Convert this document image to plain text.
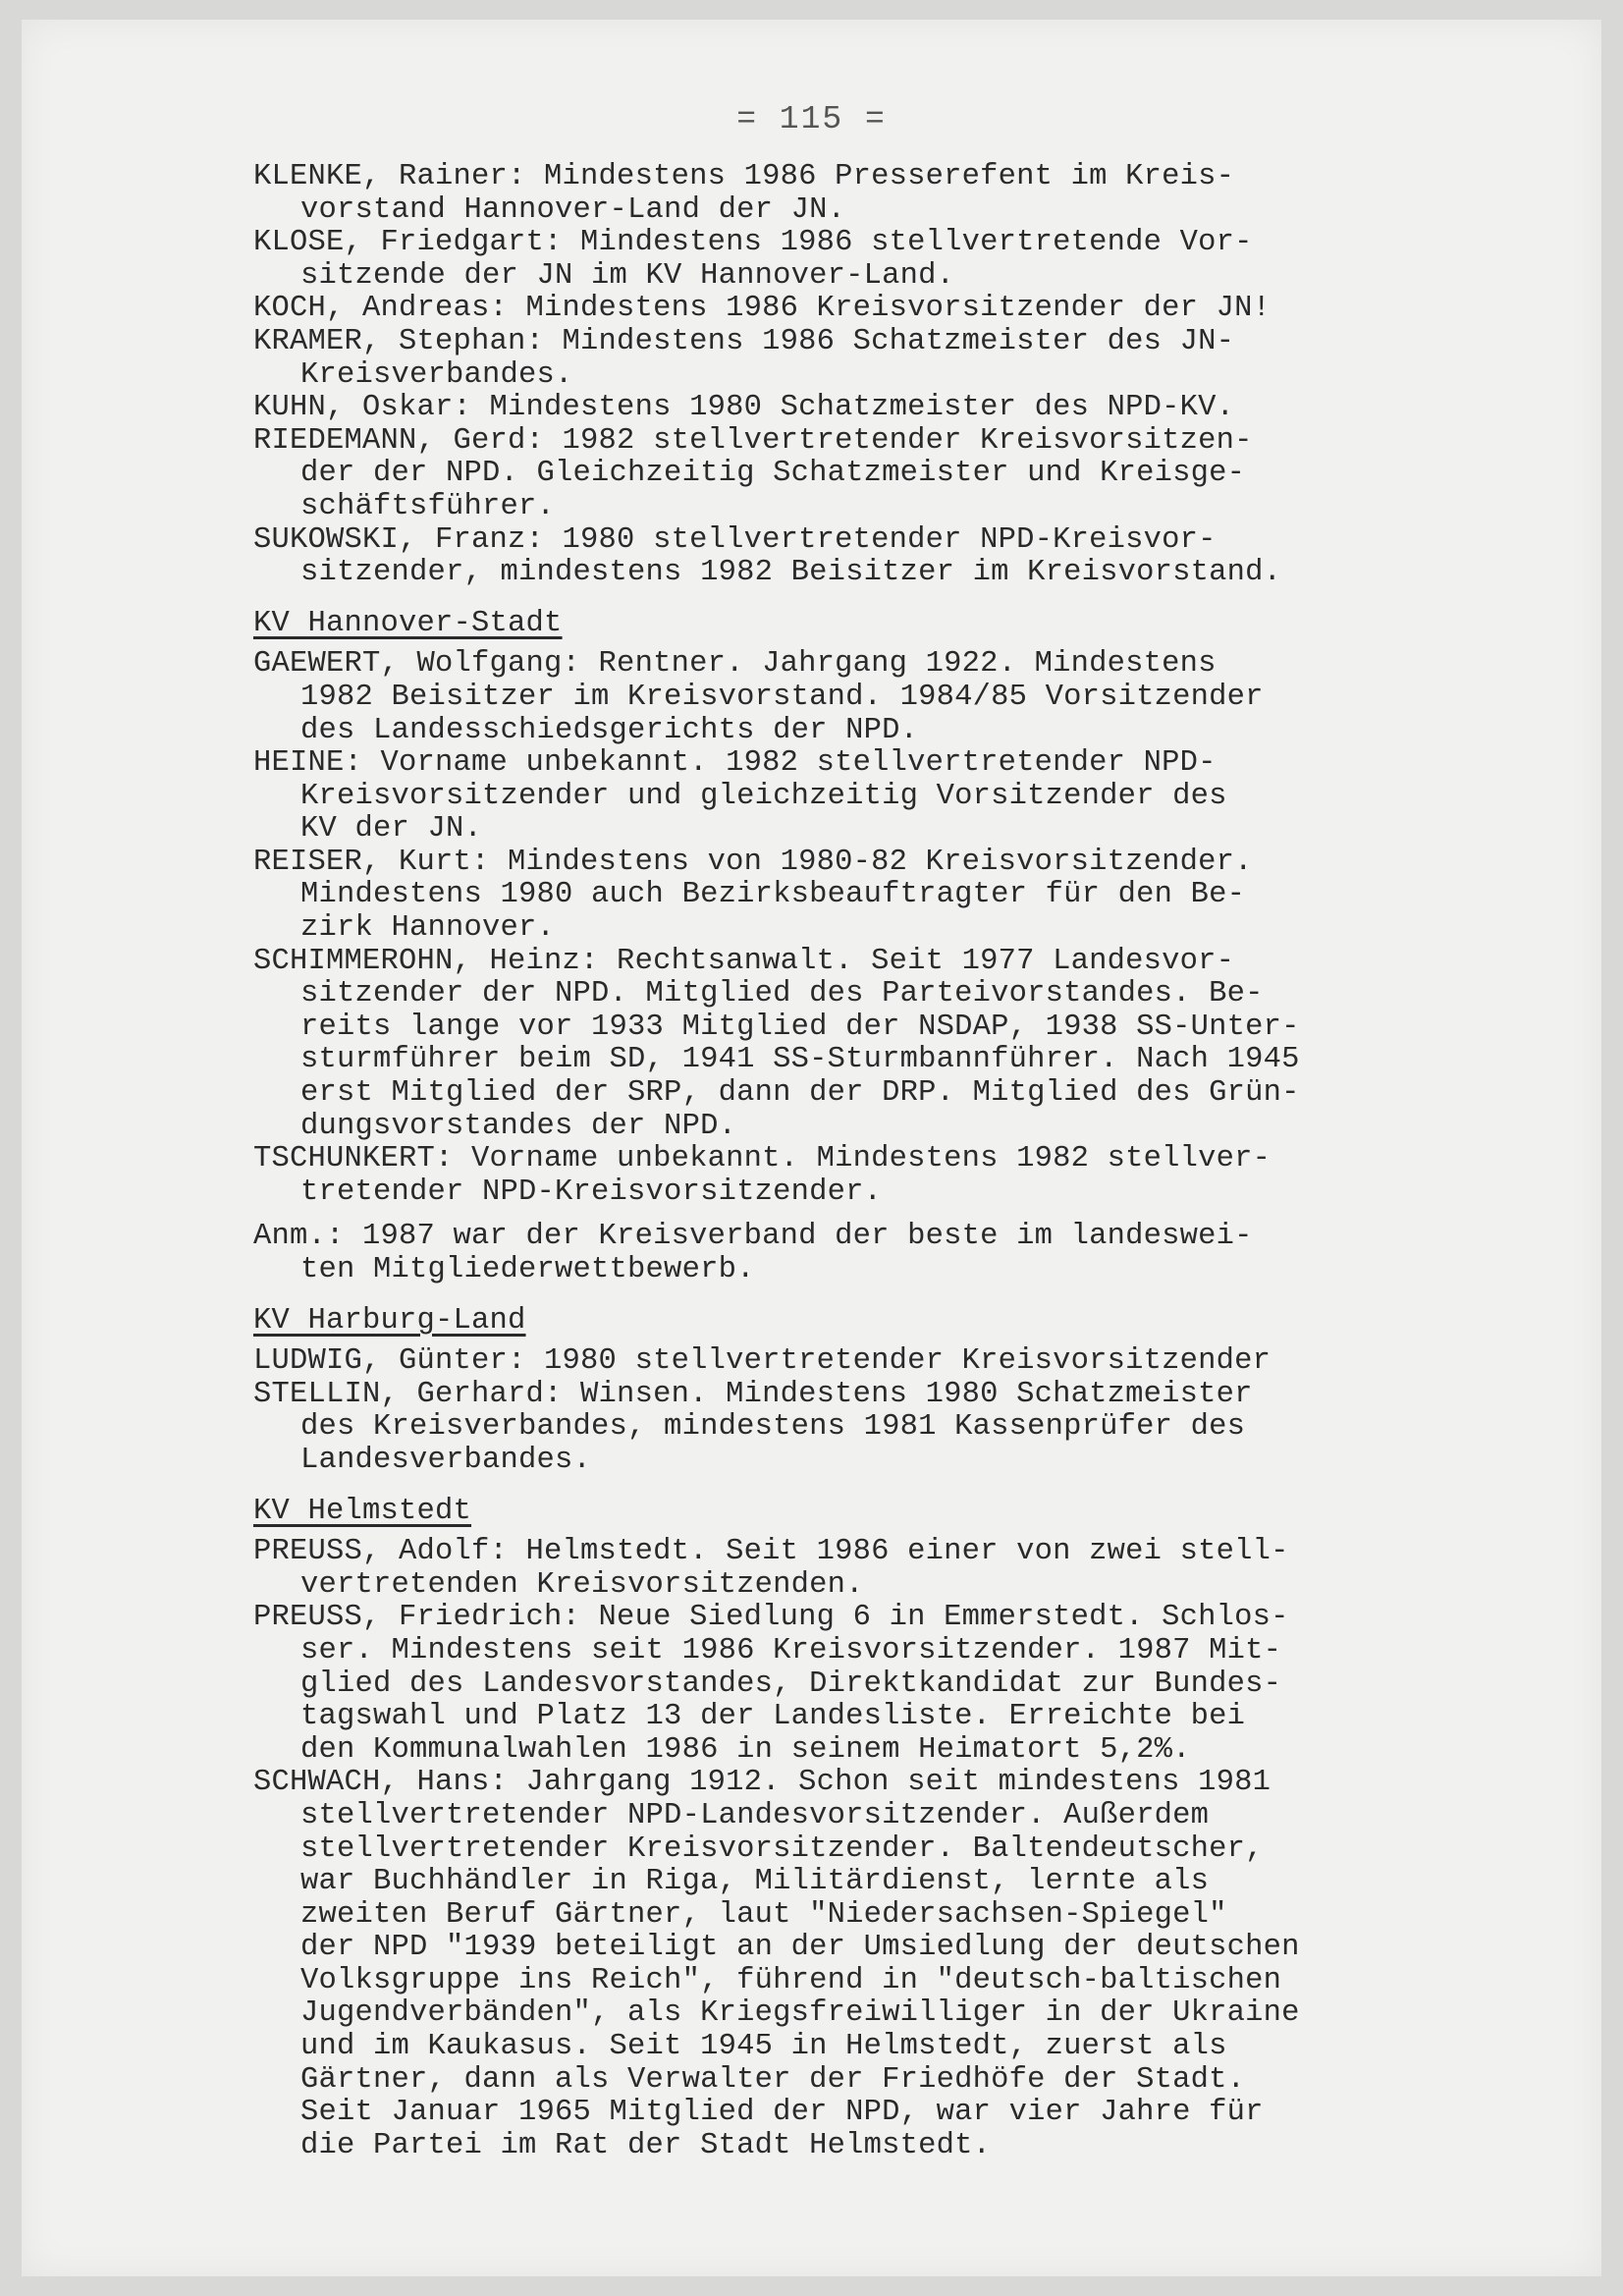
= 115 =
KLENKE, Rainer: Mindestens 1986 Presserefent im Kreis-
vorstand Hannover-Land der JN.
KLOSE, Friedgart: Mindestens 1986 stellvertretende Vor-
sitzende der JN im KV Hannover-Land.
KOCH, Andreas: Mindestens 1986 Kreisvorsitzender der JN!
KRAMER, Stephan: Mindestens 1986 Schatzmeister des JN-
Kreisverbandes.
KUHN, Oskar: Mindestens 1980 Schatzmeister des NPD-KV.
RIEDEMANN, Gerd: 1982 stellvertretender Kreisvorsitzen-
der der NPD. Gleichzeitig Schatzmeister und Kreisge-
schäftsführer.
SUKOWSKI, Franz: 1980 stellvertretender NPD-Kreisvor-
sitzender, mindestens 1982 Beisitzer im Kreisvorstand.
KV Hannover-Stadt
GAEWERT, Wolfgang: Rentner. Jahrgang 1922. Mindestens
1982 Beisitzer im Kreisvorstand. 1984/85 Vorsitzender
des Landesschiedsgerichts der NPD.
HEINE: Vorname unbekannt. 1982 stellvertretender NPD-
Kreisvorsitzender und gleichzeitig Vorsitzender des
KV der JN.
REISER, Kurt: Mindestens von 1980-82 Kreisvorsitzender.
Mindestens 1980 auch Bezirksbeauftragter für den Be-
zirk Hannover.
SCHIMMEROHN, Heinz: Rechtsanwalt. Seit 1977 Landesvor-
sitzender der NPD. Mitglied des Parteivorstandes. Be-
reits lange vor 1933 Mitglied der NSDAP, 1938 SS-Unter-
sturmführer beim SD, 1941 SS-Sturmbannführer. Nach 1945
erst Mitglied der SRP, dann der DRP. Mitglied des Grün-
dungsvorstandes der NPD.
TSCHUNKERT: Vorname unbekannt. Mindestens 1982 stellver-
tretender NPD-Kreisvorsitzender.
Anm.: 1987 war der Kreisverband der beste im landeswei-
ten Mitgliederwettbewerb.
KV Harburg-Land
LUDWIG, Günter: 1980 stellvertretender Kreisvorsitzender
STELLIN, Gerhard: Winsen. Mindestens 1980 Schatzmeister
des Kreisverbandes, mindestens 1981 Kassenprüfer des
Landesverbandes.
KV Helmstedt
PREUSS, Adolf: Helmstedt. Seit 1986 einer von zwei stell-
vertretenden Kreisvorsitzenden.
PREUSS, Friedrich: Neue Siedlung 6 in Emmerstedt. Schlos-
ser. Mindestens seit 1986 Kreisvorsitzender. 1987 Mit-
glied des Landesvorstandes, Direktkandidat zur Bundes-
tagswahl und Platz 13 der Landesliste. Erreichte bei
den Kommunalwahlen 1986 in seinem Heimatort 5,2%.
SCHWACH, Hans: Jahrgang 1912. Schon seit mindestens 1981
stellvertretender NPD-Landesvorsitzender. Außerdem
stellvertretender Kreisvorsitzender. Baltendeutscher,
war Buchhändler in Riga, Militärdienst, lernte als
zweiten Beruf Gärtner, laut "Niedersachsen-Spiegel"
der NPD "1939 beteiligt an der Umsiedlung der deutschen
Volksgruppe ins Reich", führend in "deutsch-baltischen
Jugendverbänden", als Kriegsfreiwilliger in der Ukraine
und im Kaukasus. Seit 1945 in Helmstedt, zuerst als
Gärtner, dann als Verwalter der Friedhöfe der Stadt.
Seit Januar 1965 Mitglied der NPD, war vier Jahre für
die Partei im Rat der Stadt Helmstedt.
